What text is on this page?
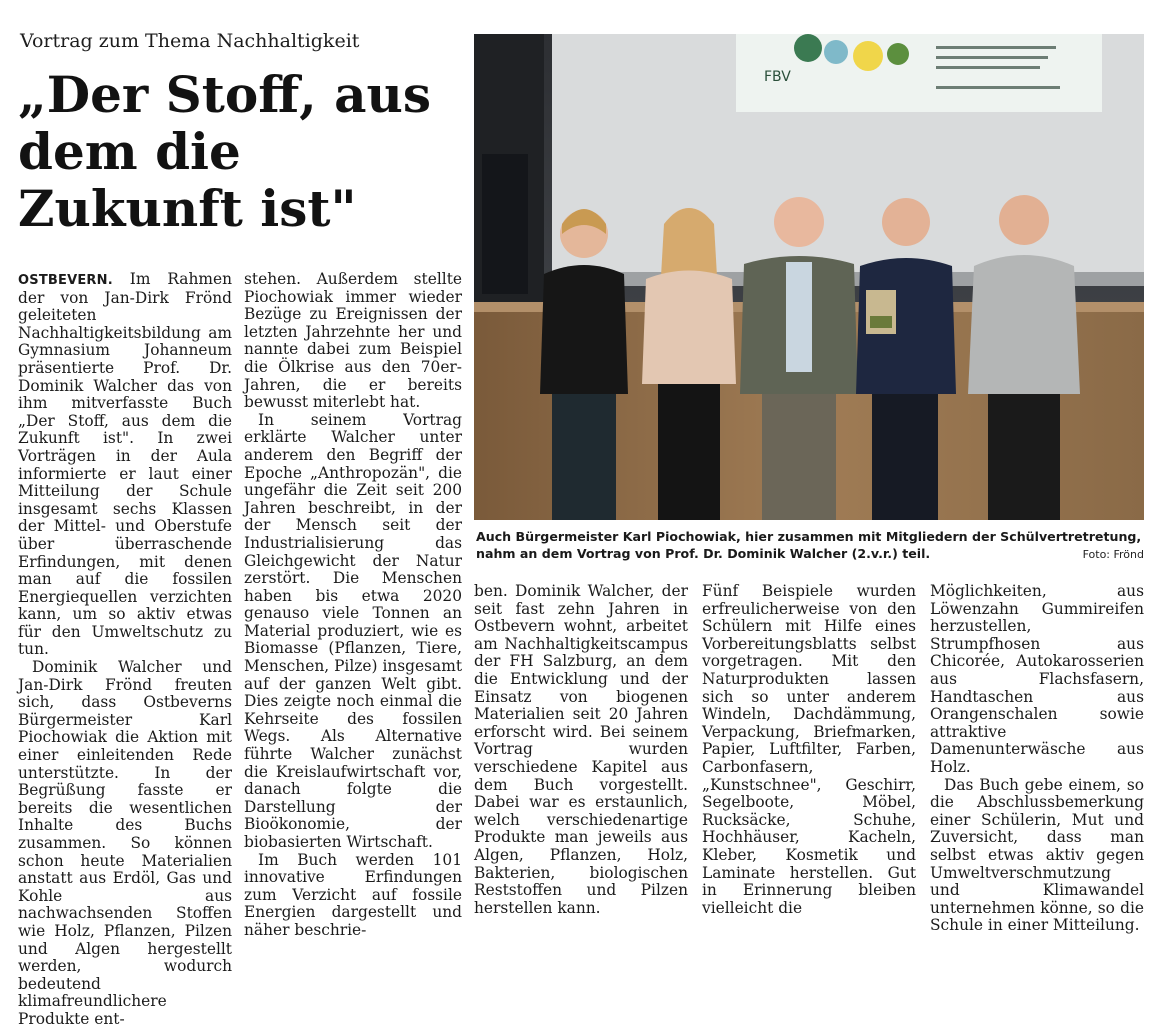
Vortrag zum Thema Nachhaltigkeit
„Der Stoff, aus
dem die
Zukunft ist"

OSTBEVERN. Im Rahmen der von Jan-Dirk Frönd geleiteten Nachhaltigkeitsbildung am Gymnasium Johanneum präsentierte Prof. Dr. Dominik Walcher das von ihm mitverfasste Buch „Der Stoff, aus dem die Zukunft ist". In zwei Vorträgen in der Aula informierte er laut einer Mitteilung der Schule insgesamt sechs Klassen der Mittel- und Oberstufe über überraschende Erfindungen, mit denen man auf die fossilen Energiequellen verzichten kann, um so aktiv etwas für den Umweltschutz zu tun.

Dominik Walcher und Jan-Dirk Frönd freuten sich, dass Ostbeverns Bürgermeister Karl Piochowiak die Aktion mit einer einleitenden Rede unterstützte. In der Begrüßung fasste er bereits die wesentlichen Inhalte des Buchs zusammen. So können schon heute Materialien anstatt aus Erdöl, Gas und Kohle aus nachwachsenden Stoffen wie Holz, Pflanzen, Pilzen und Algen hergestellt werden, wodurch bedeutend klimafreundlichere Produkte ent-

stehen. Außerdem stellte Piochowiak immer wieder Bezüge zu Ereignissen der letzten Jahrzehnte her und nannte dabei zum Beispiel die Ölkrise aus den 70er-Jahren, die er bereits bewusst miterlebt hat.

In seinem Vortrag erklärte Walcher unter anderem den Begriff der Epoche „Anthropozän", die ungefähr die Zeit seit 200 Jahren beschreibt, in der der Mensch seit der Industrialisierung das Gleichgewicht der Natur zerstört. Die Menschen haben bis etwa 2020 genauso viele Tonnen an Material produziert, wie es Biomasse (Pflanzen, Tiere, Menschen, Pilze) insgesamt auf der ganzen Welt gibt. Dies zeigte noch einmal die Kehrseite des fossilen Wegs. Als Alternative führte Walcher zunächst die Kreislaufwirtschaft vor, danach folgte die Darstellung der Bioökonomie, der biobasierten Wirtschaft.

Im Buch werden 101 innovative Erfindungen zum Verzicht auf fossile Energien dargestellt und näher beschrie-

ben. Dominik Walcher, der seit fast zehn Jahren in Ostbevern wohnt, arbeitet am Nachhaltigkeitscampus der FH Salzburg, an dem die Entwicklung und der Einsatz von biogenen Materialien seit 20 Jahren erforscht wird. Bei seinem Vortrag wurden verschiedene Kapitel aus dem Buch vorgestellt. Dabei war es erstaunlich, welch verschiedenartige Produkte man jeweils aus Algen, Pflanzen, Holz, Bakterien, biologischen Reststoffen und Pilzen herstellen kann.

Fünf Beispiele wurden erfreulicherweise von den Schülern mit Hilfe eines Vorbereitungsblatts selbst vorgetragen. Mit den Naturprodukten lassen sich so unter anderem Windeln, Dachdämmung, Verpackung, Briefmarken, Papier, Luftfilter, Farben, Carbonfasern, „Kunstschnee", Geschirr, Segelboote, Möbel, Rucksäcke, Schuhe, Hochhäuser, Kacheln, Kleber, Kosmetik und Laminate herstellen. Gut in Erinnerung bleiben vielleicht die

Möglichkeiten, aus Löwenzahn Gummireifen herzustellen, Strumpfhosen aus Chicorée, Autokarosserien aus Flachsfasern, Handtaschen aus Orangenschalen sowie attraktive Damenunterwäsche aus Holz.

Das Buch gebe einem, so die Abschlussbemerkung einer Schülerin, Mut und Zuversicht, dass man selbst etwas aktiv gegen Umweltverschmutzung und Klimawandel unternehmen könne, so die Schule in einer Mitteilung.

FBV
Auch Bürgermeister Karl Piochowiak, hier zusammen mit Mitgliedern der Schülvertretretung, nahm an dem Vortrag von Prof. Dr. Dominik Walcher (2.v.r.) teil.	Foto: Frönd
